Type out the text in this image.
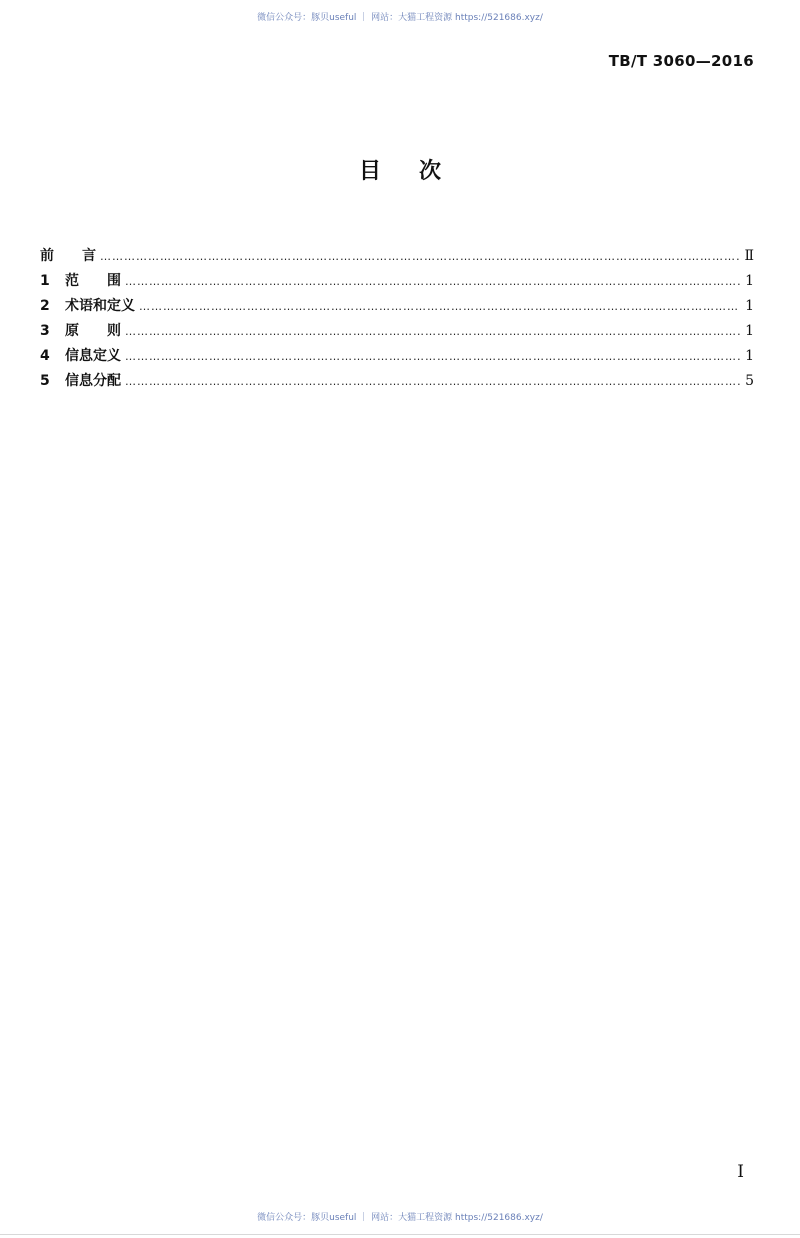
微信公众号：豚贝useful ｜ 网站：大猫工程资源 https://521686.xyz/
TB/T 3060—2016
目次
前　　言 ……………………………………………………………………………………………………………………………………………………………………………………………………	Ⅱ
1	范　　围 ……………………………………………………………………………………………………………………………………………………………………………………………………	1
2	术语和定义 ……………………………………………………………………………………………………………………………………………………………………………………………………	1
3	原　　则 ……………………………………………………………………………………………………………………………………………………………………………………………………	1
4	信息定义 ……………………………………………………………………………………………………………………………………………………………………………………………………	1
5	信息分配 ……………………………………………………………………………………………………………………………………………………………………………………………………	5
I
微信公众号：豚贝useful ｜ 网站：大猫工程资源 https://521686.xyz/
